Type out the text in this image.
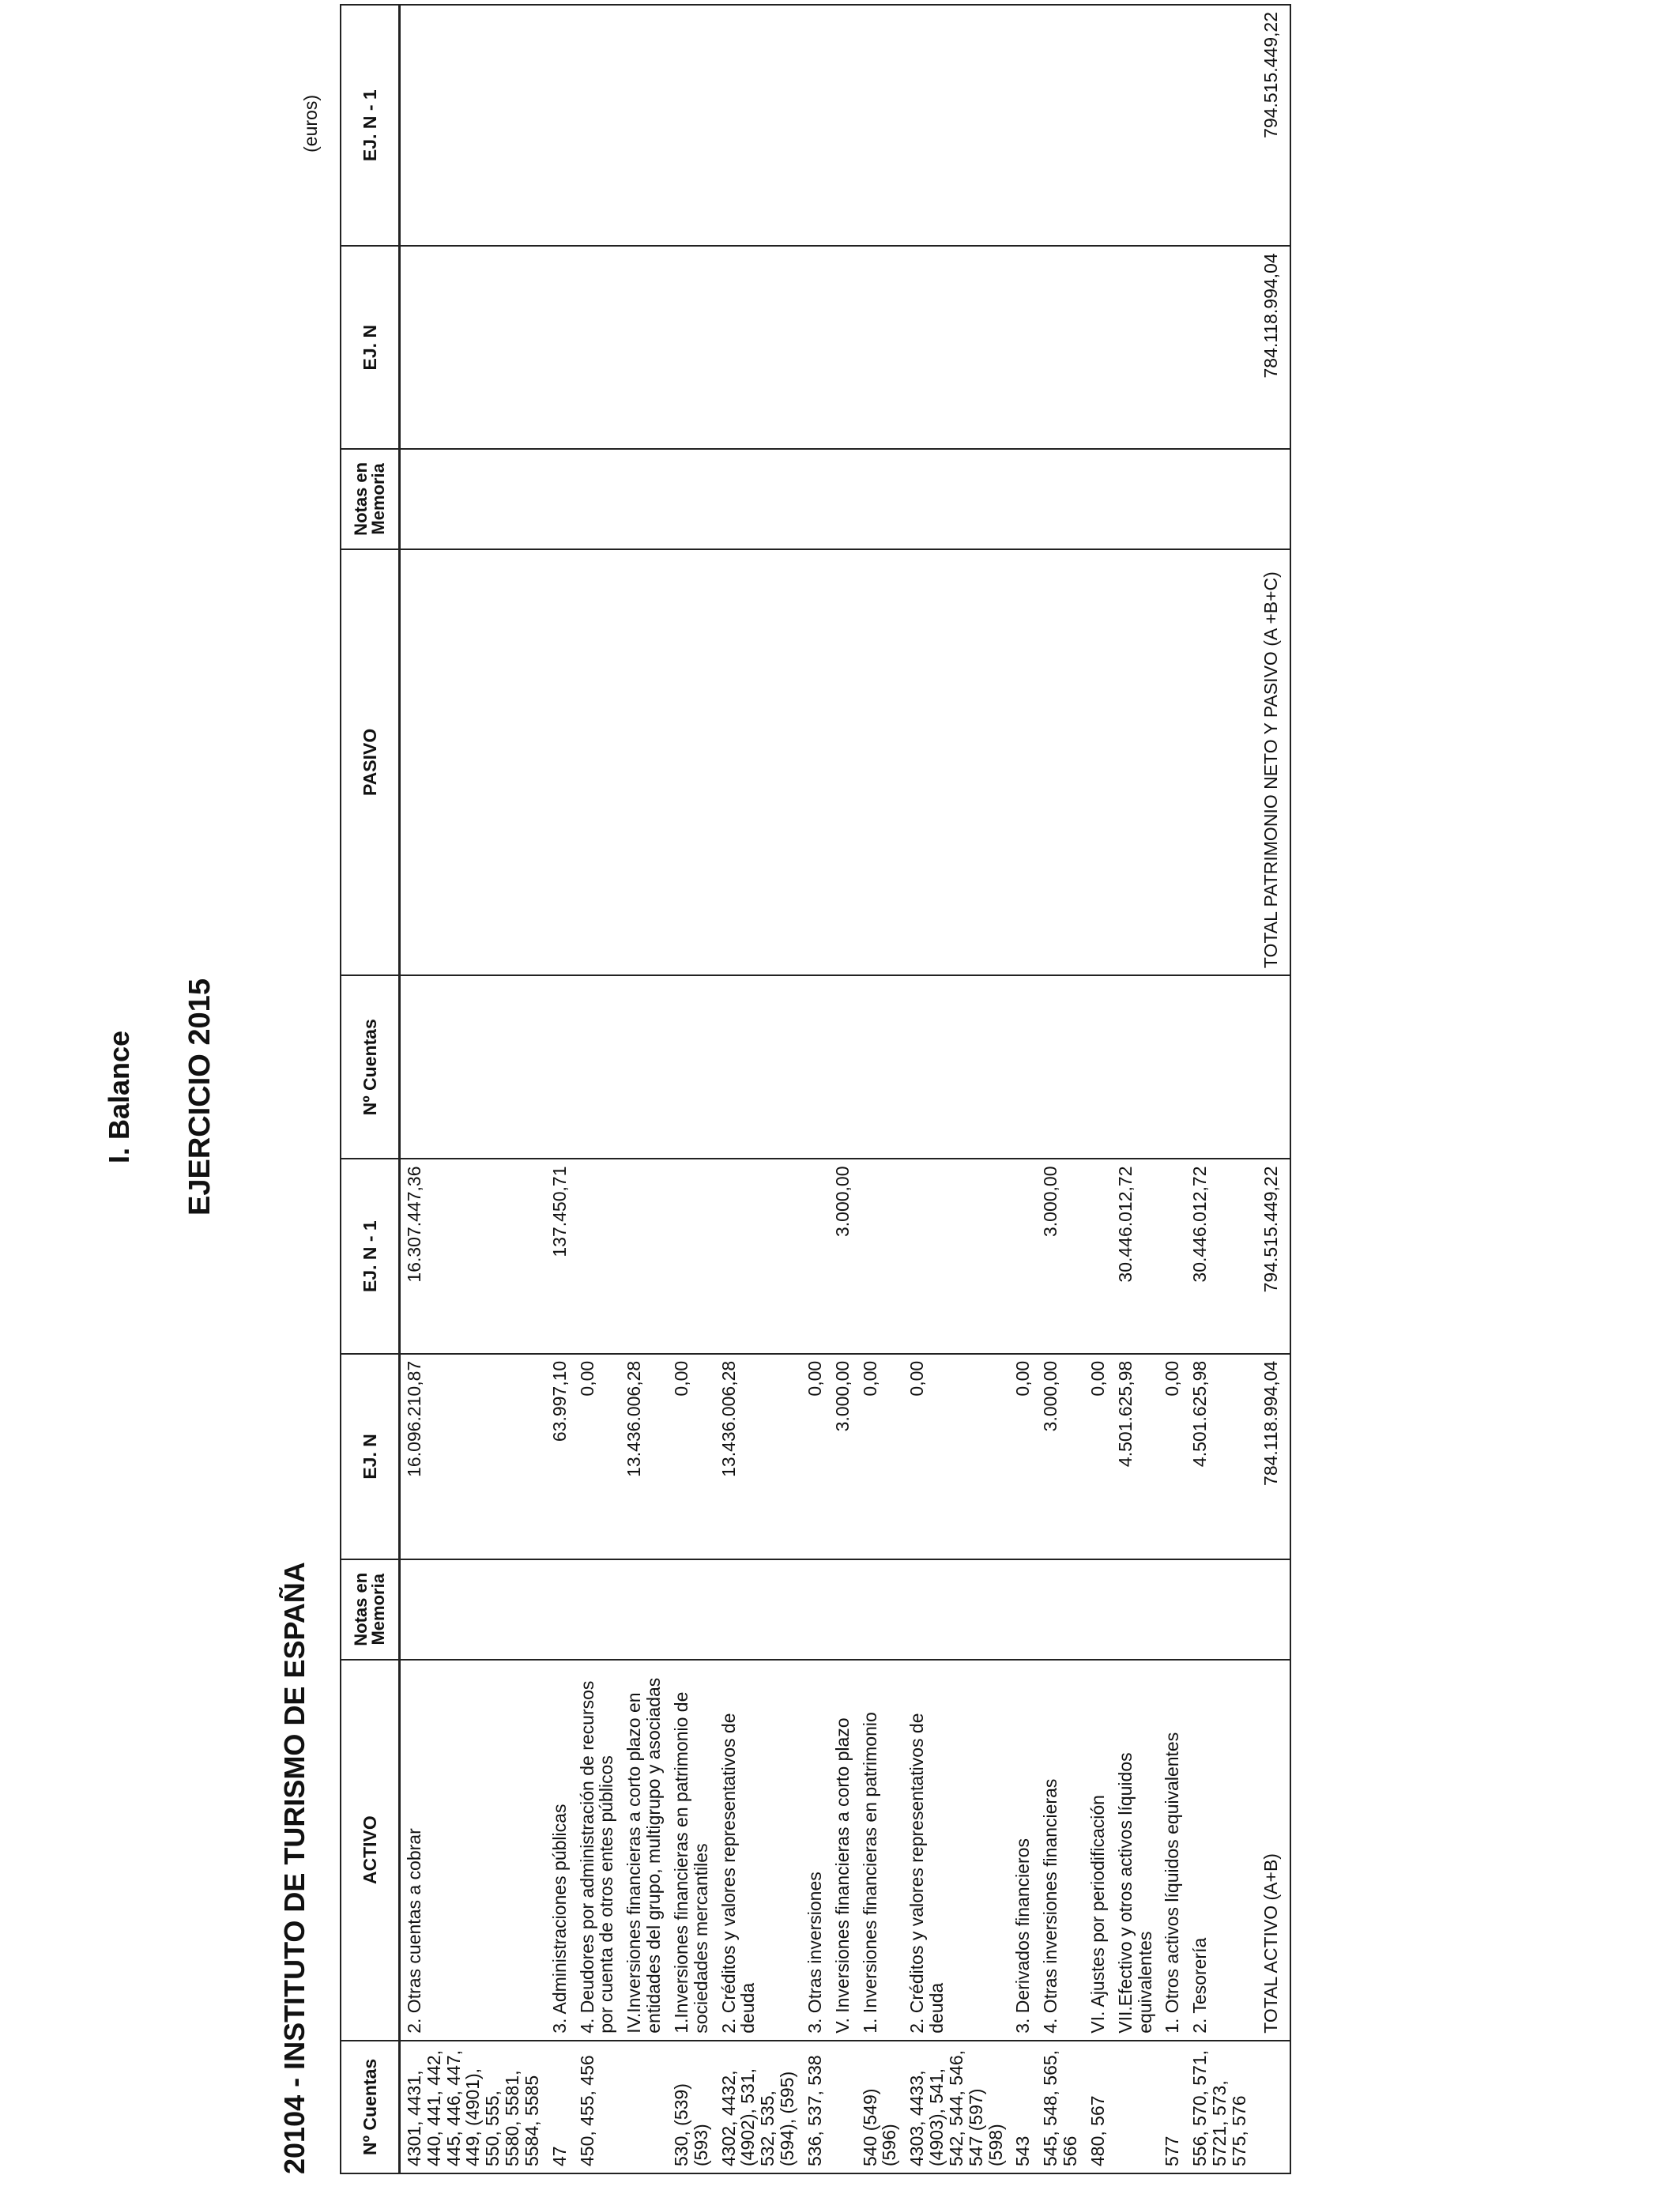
I. Balance EJERCICIO 2015
20104 - INSTITUTO DE TURISMO DE ESPAÑA
(euros)
Nº Cuentas	ACTIVO	Notas en Memoria	EJ. N	EJ. N - 1	Nº Cuentas	PASIVO	Notas en Memoria	EJ. N	EJ. N - 1
4301, 4431, 440, 441, 442, 445, 446, 447, 449, (4901), 550, 555, 5580, 5581, 5584, 5585	2. Otras cuentas a cobrar		16.096.210,87	16.307.447,36					
47	3. Administraciones públicas		63.997,10	137.450,71					
450, 455, 456	4. Deudores por administración de recursos por cuenta de otros entes públicos		0,00						
	IV.Inversiones financieras a corto plazo en entidades del grupo, multigrupo y asociadas		13.436.006,28						
530, (539) (593)	1.Inversiones financieras en patrimonio de sociedades mercantiles		0,00						
4302, 4432, (4902), 531, 532, 535, (594), (595)	2. Créditos y valores representativos de deuda		13.436.006,28						
536, 537, 538	3. Otras inversiones		0,00						
	V. Inversiones financieras a corto plazo		3.000,00	3.000,00					
540 (549) (596)	1. Inversiones financieras en patrimonio		0,00						
4303, 4433, (4903), 541, 542, 544, 546, 547 (597) (598)	2. Créditos y valores representativos de deuda		0,00						
543	3. Derivados financieros		0,00						
545, 548, 565, 566	4. Otras inversiones financieras		3.000,00	3.000,00					
480, 567	VI. Ajustes por periodificación		0,00						
	VII.Efectivo y otros activos líquidos equivalentes		4.501.625,98	30.446.012,72					
577	1. Otros activos líquidos equivalentes		0,00						
556, 570, 571, 5721, 573, 575, 576	2. Tesorería		4.501.625,98	30.446.012,72					
	TOTAL ACTIVO (A+B)		784.118.994,04	794.515.449,22		TOTAL PATRIMONIO NETO Y PASIVO (A +B+C)		784.118.994,04	794.515.449,22
